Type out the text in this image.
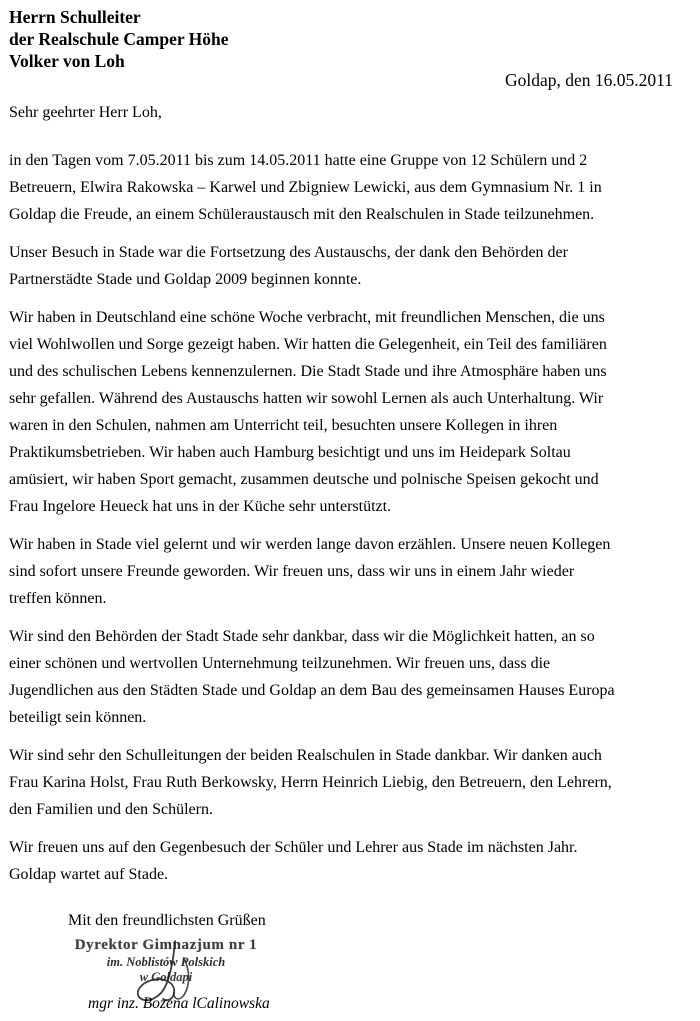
Herrn Schulleiter
der Realschule Camper Höhe
Volker von Loh
Goldap, den 16.05.2011
Sehr geehrter Herr Loh,
in den Tagen vom 7.05.2011 bis zum 14.05.2011 hatte eine Gruppe von 12 Schülern und 2
Betreuern, Elwira Rakowska – Karwel und Zbigniew Lewicki, aus dem Gymnasium Nr. 1 in
Goldap die Freude, an einem Schüleraustausch mit den Realschulen in Stade teilzunehmen.
Unser Besuch in Stade war die Fortsetzung des Austauschs, der dank den Behörden der
Partnerstädte Stade und Goldap 2009 beginnen konnte.
Wir haben in Deutschland eine schöne Woche verbracht, mit freundlichen Menschen, die uns
viel Wohlwollen und Sorge gezeigt haben. Wir hatten die Gelegenheit, ein Teil des familiären
und des schulischen Lebens kennenzulernen. Die Stadt Stade und ihre Atmosphäre haben uns
sehr gefallen. Während des Austauschs hatten wir sowohl Lernen als auch Unterhaltung. Wir
waren in den Schulen, nahmen am Unterricht teil, besuchten unsere Kollegen in ihren
Praktikumsbetrieben. Wir haben auch Hamburg besichtigt und uns im Heidepark Soltau
amüsiert, wir haben Sport gemacht, zusammen deutsche und polnische Speisen gekocht und
Frau Ingelore Heueck hat uns in der Küche sehr unterstützt.
Wir haben in Stade viel gelernt und wir werden lange davon erzählen. Unsere neuen Kollegen
sind sofort unsere Freunde geworden. Wir freuen uns, dass wir uns in einem Jahr wieder
treffen können.
Wir sind den Behörden der Stadt Stade sehr dankbar, dass wir die Möglichkeit hatten, an so
einer schönen und wertvollen Unternehmung teilzunehmen. Wir freuen uns, dass die
Jugendlichen aus den Städten Stade und Goldap an dem Bau des gemeinsamen Hauses Europa
beteiligt sein können.
Wir sind sehr den Schulleitungen der beiden Realschulen in Stade dankbar. Wir danken auch
Frau Karina Holst, Frau Ruth Berkowsky, Herrn Heinrich Liebig, den Betreuern, den Lehrern,
den Familien und den Schülern.
Wir freuen uns auf den Gegenbesuch der Schüler und Lehrer aus Stade im nächsten Jahr.
Goldap wartet auf Stade.
Mit den freundlichsten Grüßen
Dyrektor Gimnazjum nr 1
im. Noblistów Polskich
w Gołdapi
mgr inz. Bozena lCalinowska
